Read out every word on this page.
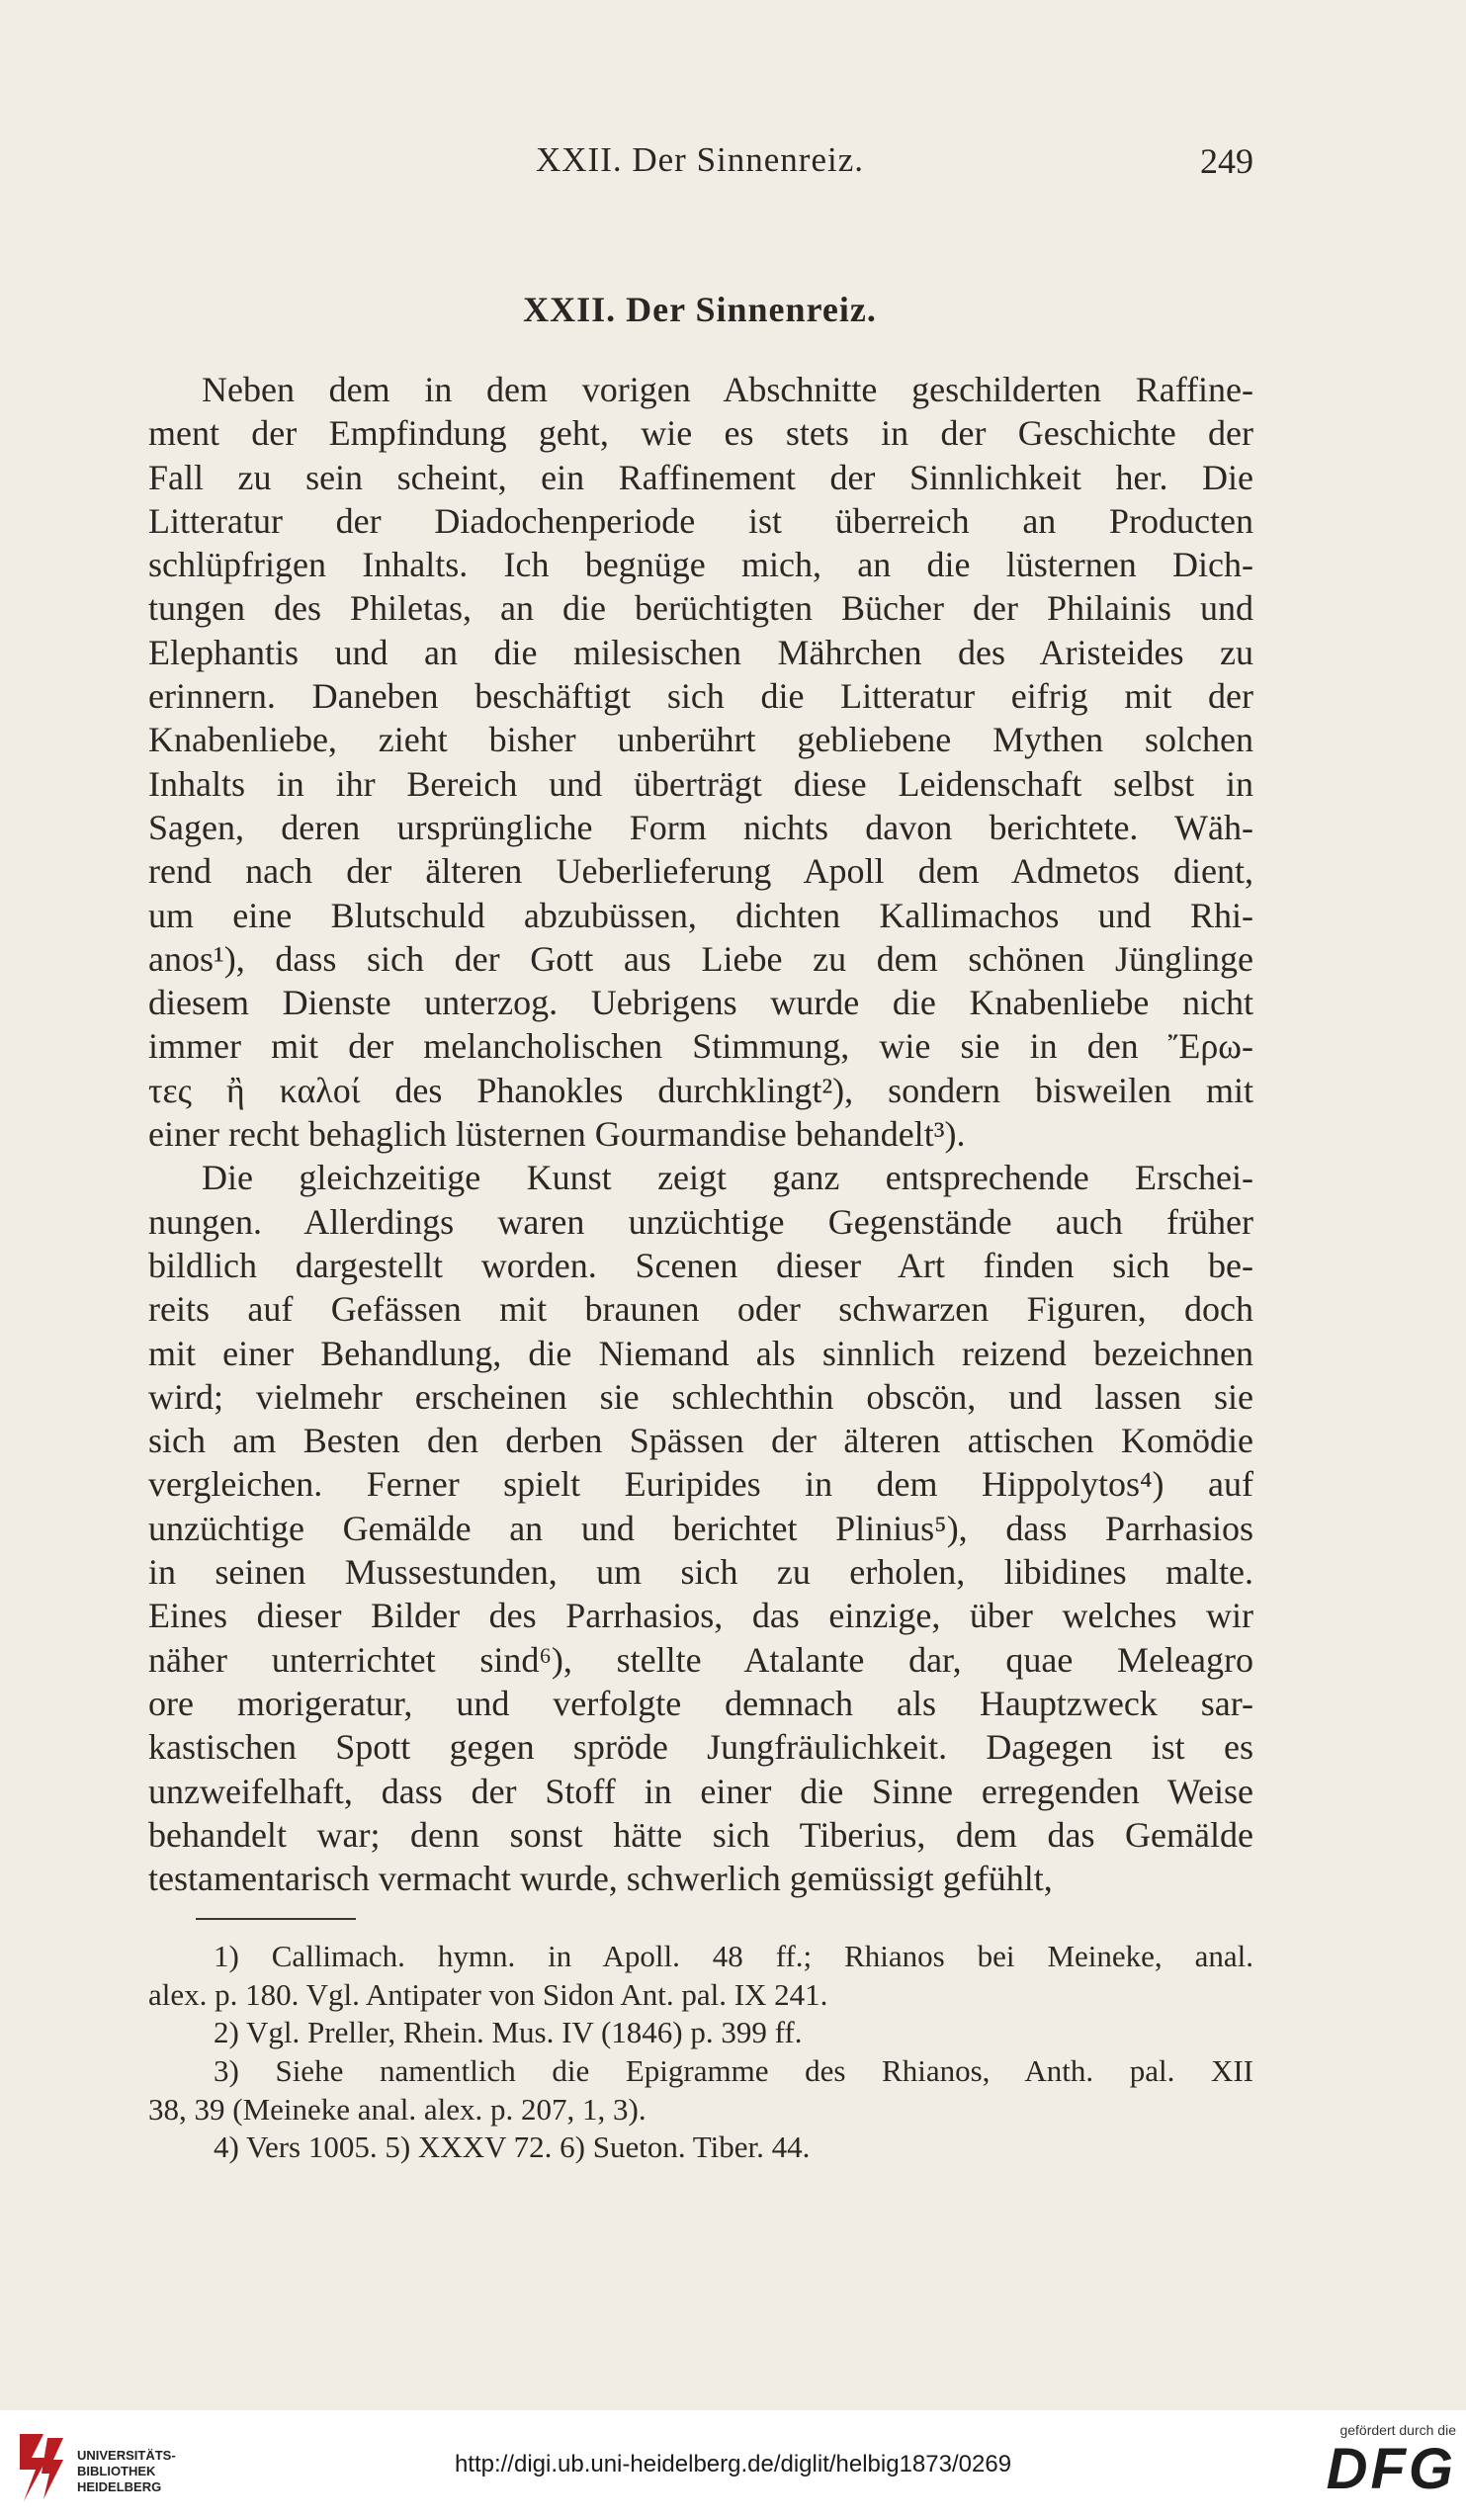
XXII. Der Sinnenreiz.	249
XXII. Der Sinnenreiz.
Neben dem in dem vorigen Abschnitte geschilderten Raffine-
ment der Empfindung geht, wie es stets in der Geschichte der
Fall zu sein scheint, ein Raffinement der Sinnlichkeit her. Die
Litteratur der Diadochenperiode ist überreich an Producten
schlüpfrigen Inhalts. Ich begnüge mich, an die lüsternen Dich-
tungen des Philetas, an die berüchtigten Bücher der Philainis und
Elephantis und an die milesischen Mährchen des Aristeides zu
erinnern. Daneben beschäftigt sich die Litteratur eifrig mit der
Knabenliebe, zieht bisher unberührt gebliebene Mythen solchen
Inhalts in ihr Bereich und überträgt diese Leidenschaft selbst in
Sagen, deren ursprüngliche Form nichts davon berichtete. Wäh-
rend nach der älteren Ueberlieferung Apoll dem Admetos dient,
um eine Blutschuld abzubüssen, dichten Kallimachos und Rhi-
anos¹), dass sich der Gott aus Liebe zu dem schönen Jünglinge
diesem Dienste unterzog. Uebrigens wurde die Knabenliebe nicht
immer mit der melancholischen Stimmung, wie sie in den Ἔρω-
τες ἢ καλοί des Phanokles durchklingt²), sondern bisweilen mit
einer recht behaglich lüsternen Gourmandise behandelt³).
Die gleichzeitige Kunst zeigt ganz entsprechende Erschei-
nungen. Allerdings waren unzüchtige Gegenstände auch früher
bildlich dargestellt worden. Scenen dieser Art finden sich be-
reits auf Gefässen mit braunen oder schwarzen Figuren, doch
mit einer Behandlung, die Niemand als sinnlich reizend bezeichnen
wird; vielmehr erscheinen sie schlechthin obscön, und lassen sie
sich am Besten den derben Spässen der älteren attischen Komödie
vergleichen. Ferner spielt Euripides in dem Hippolytos⁴) auf
unzüchtige Gemälde an und berichtet Plinius⁵), dass Parrhasios
in seinen Mussestunden, um sich zu erholen, libidines malte.
Eines dieser Bilder des Parrhasios, das einzige, über welches wir
näher unterrichtet sind⁶), stellte Atalante dar, quae Meleagro
ore morigeratur, und verfolgte demnach als Hauptzweck sar-
kastischen Spott gegen spröde Jungfräulichkeit. Dagegen ist es
unzweifelhaft, dass der Stoff in einer die Sinne erregenden Weise
behandelt war; denn sonst hätte sich Tiberius, dem das Gemälde
testamentarisch vermacht wurde, schwerlich gemüssigt gefühlt,
1) Callimach. hymn. in Apoll. 48 ff.; Rhianos bei Meineke, anal.
alex. p. 180. Vgl. Antipater von Sidon Ant. pal. IX 241.
2) Vgl. Preller, Rhein. Mus. IV (1846) p. 399 ff.
3) Siehe namentlich die Epigramme des Rhianos, Anth. pal. XII
38, 39 (Meineke anal. alex. p. 207, 1, 3).
4) Vers 1005. 5) XXXV 72. 6) Sueton. Tiber. 44.
UNIVERSITÄTS-
BIBLIOTHEK
HEIDELBERG
http://digi.ub.uni-heidelberg.de/diglit/helbig1873/0269
gefördert durch die
DFG
